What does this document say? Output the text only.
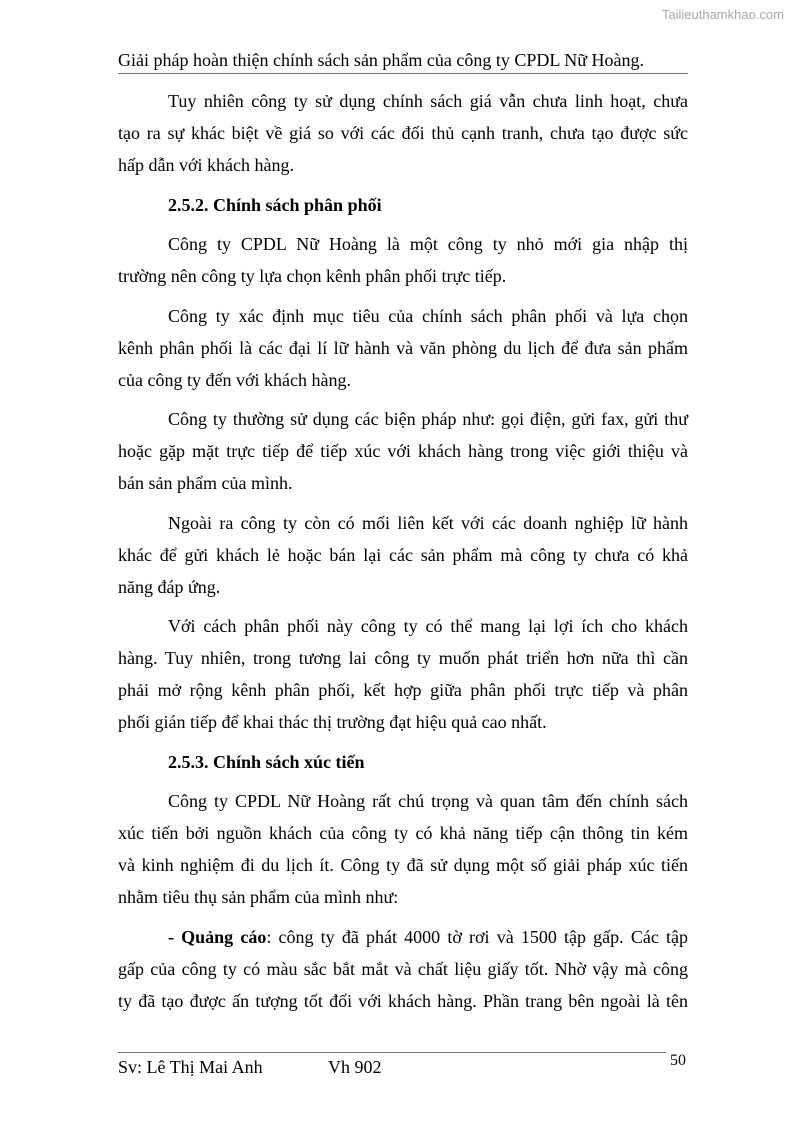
Tailieuthamkhao.com
Giải pháp hoàn thiện chính sách sản phẩm của công ty CPDL Nữ Hoàng.
Tuy nhiên công ty sử dụng chính sách giá vẫn chưa linh hoạt, chưa
tạo ra sự khác biệt về giá so với các đối thủ cạnh tranh, chưa tạo được sức
hấp dẫn với khách hàng.
2.5.2. Chính sách phân phối
Công ty CPDL Nữ Hoàng là một công ty nhỏ mới gia nhập thị
trường nên công ty lựa chọn kênh phân phối trực tiếp.
Công ty xác định mục tiêu của chính sách phân phối và lựa chọn
kênh phân phối là các đại lí lữ hành và văn phòng du lịch để đưa sản phẩm
của công ty đến với khách hàng.
Công ty thường sử dụng các biện pháp như: gọi điện, gửi fax, gửi thư
hoặc gặp mặt trực tiếp để tiếp xúc với khách hàng trong việc giới thiệu và
bán sản phẩm của mình.
Ngoài ra công ty còn có mối liên kết với các doanh nghiệp lữ hành
khác để gửi khách lẻ hoặc bán lại các sản phẩm mà công ty chưa có khả
năng đáp ứng.
Với cách phân phối này công ty có thể mang lại lợi ích cho khách
hàng. Tuy nhiên, trong tương lai công ty muốn phát triển hơn nữa thì cần
phải mở rộng kênh phân phối, kết hợp giữa phân phối trực tiếp và phân
phối gián tiếp để khai thác thị trường đạt hiệu quả cao nhất.
2.5.3. Chính sách xúc tiến
Công ty CPDL Nữ Hoàng rất chú trọng và quan tâm đến chính sách
xúc tiến bởi nguồn khách của công ty có khả năng tiếp cận thông tin kém
và kinh nghiệm đi du lịch ít. Công ty đã sử dụng một số giải pháp xúc tiến
nhằm tiêu thụ sản phẩm của mình như:
- Quảng cáo: công ty đã phát 4000 tờ rơi và 1500 tập gấp. Các tập
gấp của công ty có màu sắc bắt mắt và chất liệu giấy tốt. Nhờ vậy mà công
ty đã tạo được ấn tượng tốt đối với khách hàng. Phần trang bên ngoài là tên
Sv: Lê Thị Mai Anh	Vh 902	50
